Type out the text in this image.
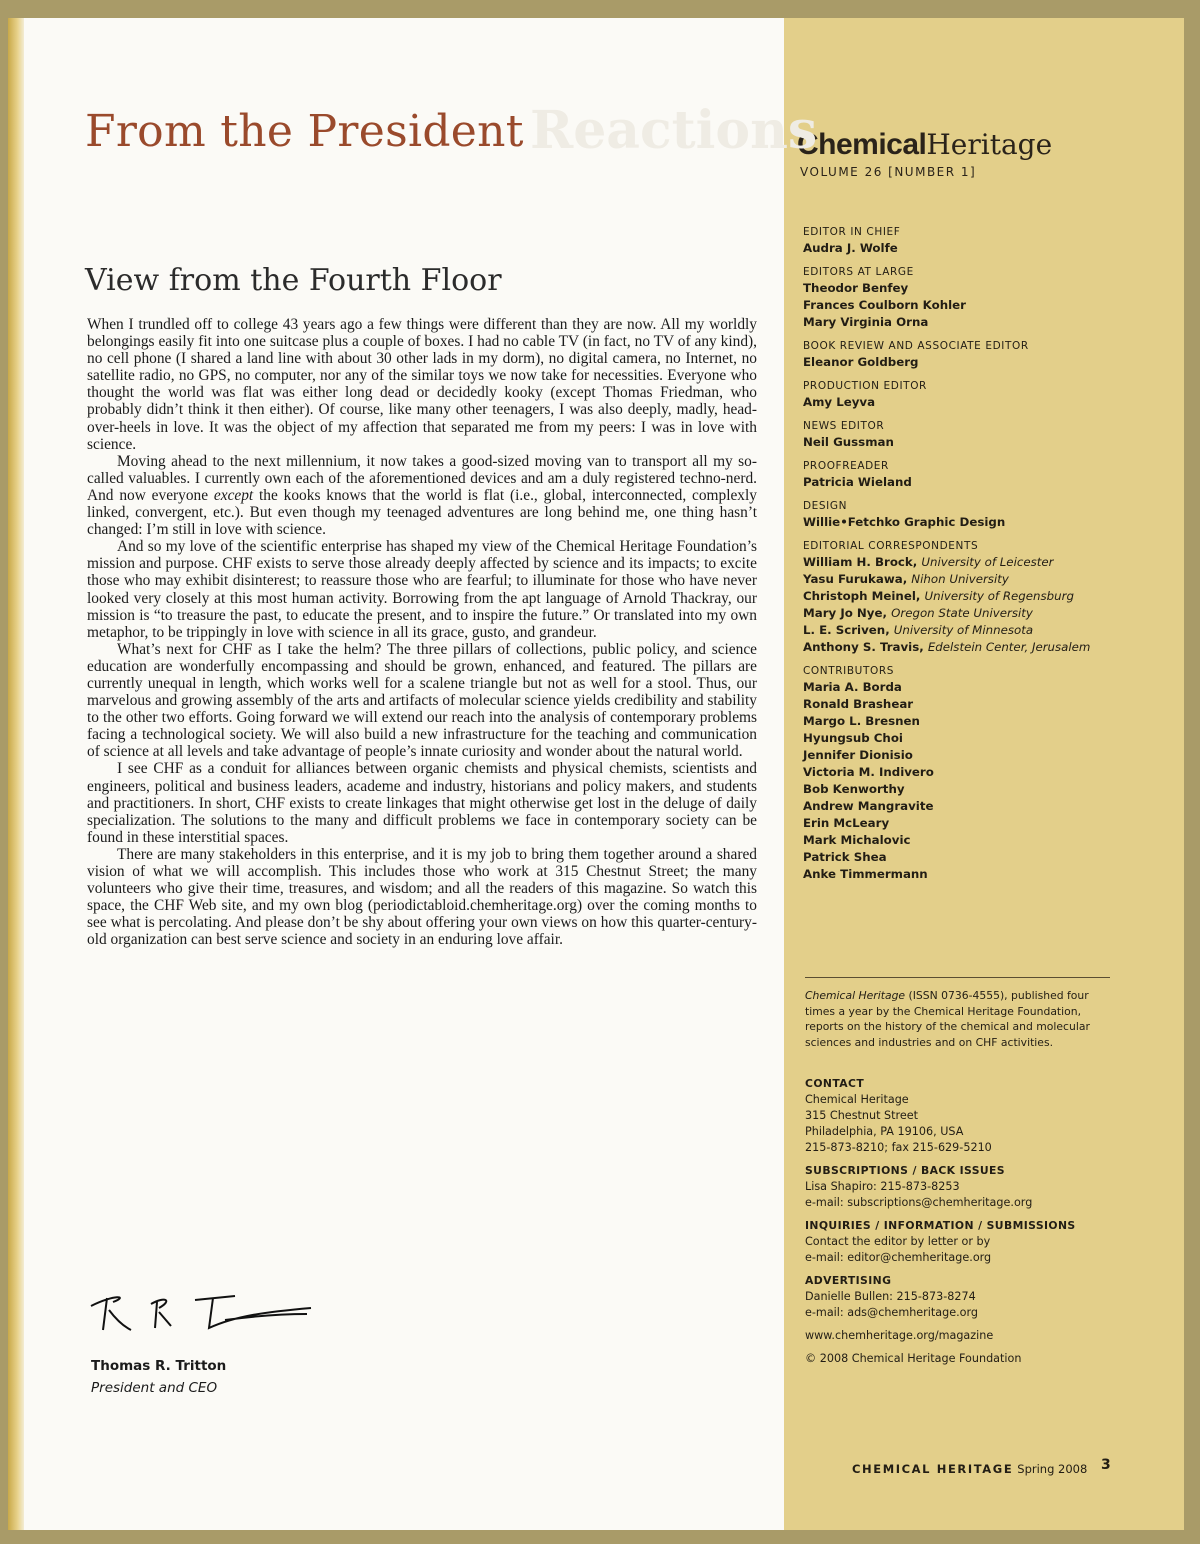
Reactions
From the President
View from the Fourth Floor

When I trundled off to college 43 years ago a few things were different than they are now. All my worldly belongings easily fit into one suitcase plus a couple of boxes. I had no cable TV (in fact, no TV of any kind), no cell phone (I shared a land line with about 30 other lads in my dorm), no digital camera, no Internet, no satellite radio, no GPS, no computer, nor any of the similar toys we now take for necessities. Everyone who thought the world was flat was either long dead or decidedly kooky (except Thomas Friedman, who probably didn’t think it then either). Of course, like many other teenagers, I was also deeply, madly, head-over-heels in love. It was the object of my affection that separated me from my peers: I was in love with science.

Moving ahead to the next millennium, it now takes a good-sized moving van to transport all my so-called valuables. I currently own each of the aforementioned devices and am a duly registered techno-nerd. And now everyone except the kooks knows that the world is flat (i.e., global, interconnected, complexly linked, convergent, etc.). But even though my teenaged adventures are long behind me, one thing hasn’t changed: I’m still in love with science.

And so my love of the scientific enterprise has shaped my view of the Chemical Heritage Foundation’s mission and purpose. CHF exists to serve those already deeply affected by science and its impacts; to excite those who may exhibit disinterest; to reassure those who are fearful; to illuminate for those who have never looked very closely at this most human activity. Borrowing from the apt language of Arnold Thackray, our mission is “to treasure the past, to educate the present, and to inspire the future.” Or translated into my own metaphor, to be trippingly in love with science in all its grace, gusto, and grandeur.

What’s next for CHF as I take the helm? The three pillars of collections, public policy, and science education are wonderfully encompassing and should be grown, enhanced, and featured. The pillars are currently unequal in length, which works well for a scalene triangle but not as well for a stool. Thus, our marvelous and growing assembly of the arts and artifacts of molecular science yields credibility and stability to the other two efforts. Going forward we will extend our reach into the analysis of contemporary problems facing a technological society. We will also build a new infrastructure for the teaching and communication of science at all levels and take advantage of people’s innate curiosity and wonder about the natural world.

I see CHF as a conduit for alliances between organic chemists and physical chemists, scientists and engineers, political and business leaders, academe and industry, historians and policy makers, and students and practitioners. In short, CHF exists to create linkages that might otherwise get lost in the deluge of daily specialization. The solutions to the many and difficult problems we face in contemporary society can be found in these interstitial spaces.

There are many stakeholders in this enterprise, and it is my job to bring them together around a shared vision of what we will accomplish. This includes those who work at 315 Chestnut Street; the many volunteers who give their time, treasures, and wisdom; and all the readers of this magazine. So watch this space, the CHF Web site, and my own blog (periodictabloid.chemheritage.org) over the coming months to see what is percolating. And please don’t be shy about offering your own views on how this quarter-century-old organization can best serve science and society in an enduring love affair.

Thomas R. Tritton
President and CEO
ChemicalHeritage
VOLUME 26 [NUMBER 1]
EDITOR IN CHIEF
Audra J. Wolfe
EDITORS AT LARGE
Theodor Benfey
Frances Coulborn Kohler
Mary Virginia Orna
BOOK REVIEW AND ASSOCIATE EDITOR
Eleanor Goldberg
PRODUCTION EDITOR
Amy Leyva
NEWS EDITOR
Neil Gussman
PROOFREADER
Patricia Wieland
DESIGN
Willie•Fetchko Graphic Design
EDITORIAL CORRESPONDENTS
William H. Brock, University of Leicester
Yasu Furukawa, Nihon University
Christoph Meinel, University of Regensburg
Mary Jo Nye, Oregon State University
L. E. Scriven, University of Minnesota
Anthony S. Travis, Edelstein Center, Jerusalem
CONTRIBUTORS
Maria A. Borda
Ronald Brashear
Margo L. Bresnen
Hyungsub Choi
Jennifer Dionisio
Victoria M. Indivero
Bob Kenworthy
Andrew Mangravite
Erin McLeary
Mark Michalovic
Patrick Shea
Anke Timmermann
Chemical Heritage (ISSN 0736-4555), published four times a year by the Chemical Heritage Foundation, reports on the history of the chemical and molecular sciences and industries and on CHF activities.
CONTACT
Chemical Heritage
315 Chestnut Street
Philadelphia, PA 19106, USA
215-873-8210; fax 215-629-5210
SUBSCRIPTIONS / BACK ISSUES
Lisa Shapiro: 215-873-8253
e-mail: subscriptions@chemheritage.org
INQUIRIES / INFORMATION / SUBMISSIONS
Contact the editor by letter or by
e-mail: editor@chemheritage.org
ADVERTISING
Danielle Bullen: 215-873-8274
e-mail: ads@chemheritage.org
www.chemheritage.org/magazine
© 2008 Chemical Heritage Foundation
CHEMICAL HERITAGE Spring 2008 3
